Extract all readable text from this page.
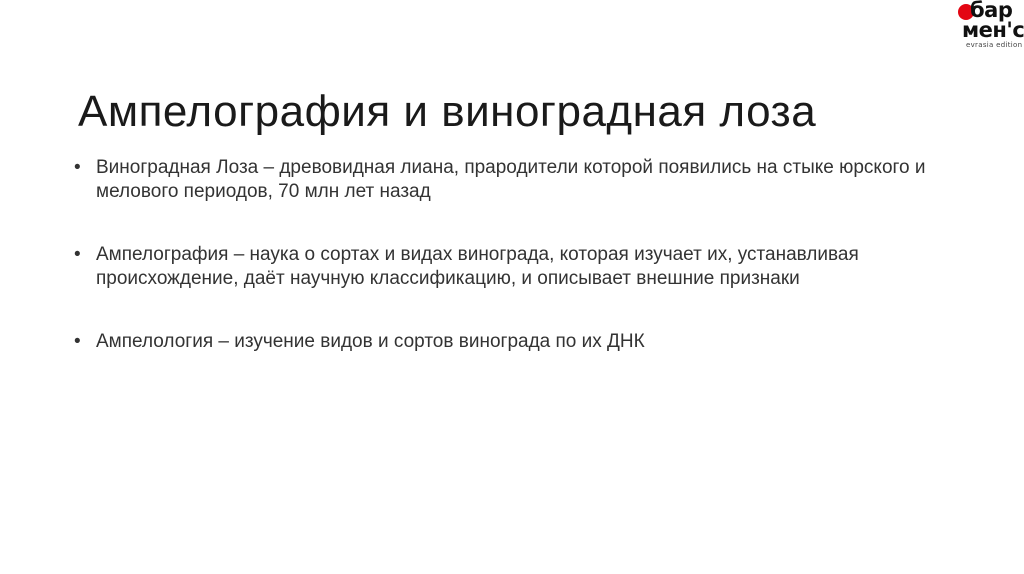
Ампелография и виноградная лоза
• Виноградная Лоза – древовидная лиана, прародители которой появились на стыке юрского и мелового периодов, 70 млн лет назад
• Ампелография – наука о сортах и видах винограда, которая изучает их, устанавливая происхождение, даёт научную классификацию, и описывает внешние признаки
• Ампелология – изучение видов и сортов винограда по их ДНК
бар
мен'с
evrasia edition
